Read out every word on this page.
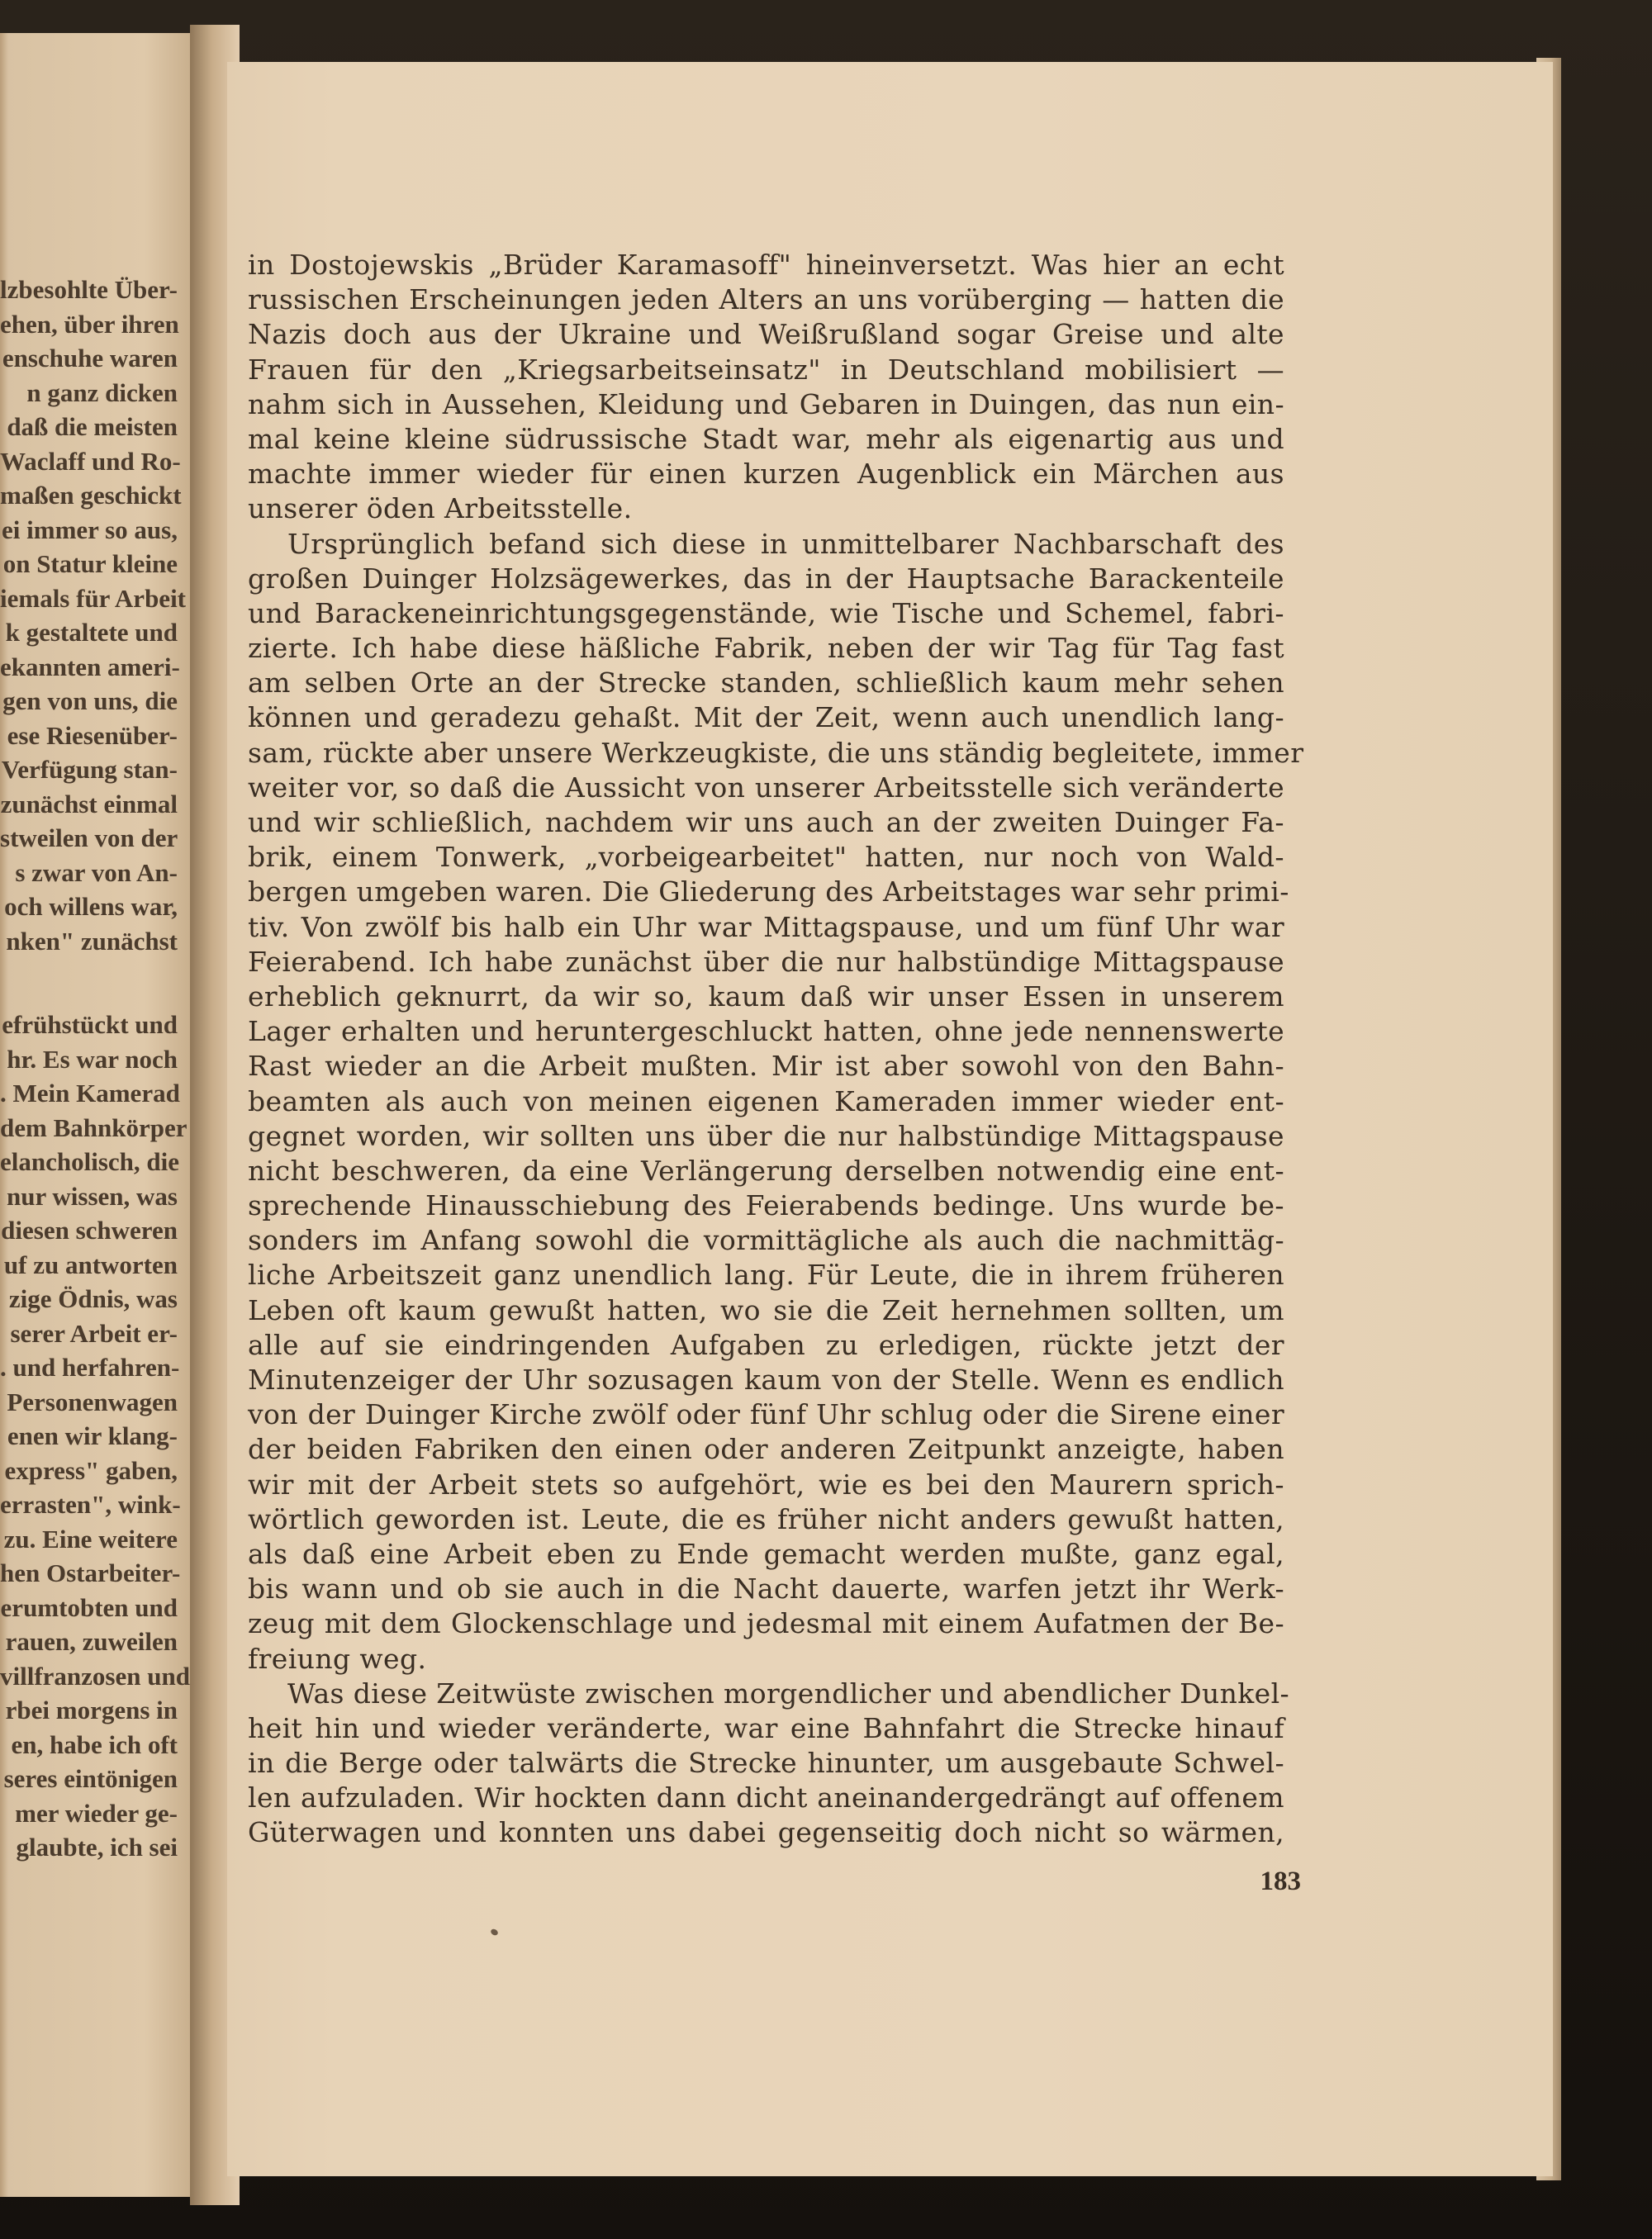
lzbesohlte Über-
ehen, über ihren
enschuhe waren
n ganz dicken
daß die meisten
Waclaff und Ro-
maßen geschickt
ei immer so aus,
on Statur kleine
iemals für Arbeit
k gestaltete und
ekannten ameri-
gen von uns, die
ese Riesenüber-
Verfügung stan-
zunächst einmal
stweilen von der
s zwar von An-
och willens war,
nken" zunächst
efrühstückt und
hr. Es war noch
. Mein Kamerad
dem Bahnkörper
elancholisch, die
nur wissen, was
diesen schweren
uf zu antworten
zige Ödnis, was
serer Arbeit er-
. und herfahren-
Personenwagen
enen wir klang-
express" gaben,
errasten", wink-
zu. Eine weitere
hen Ostarbeiter-
erumtobten und
rauen, zuweilen
villfranzosen und
rbei morgens in
en, habe ich oft
seres eintönigen
mer wieder ge-
glaubte, ich sei
in Dostojewskis „Brüder Karamasoff" hineinversetzt. Was hier an echt
russischen Erscheinungen jeden Alters an uns vorüberging — hatten die
Nazis doch aus der Ukraine und Weißrußland sogar Greise und alte
Frauen für den „Kriegsarbeitseinsatz" in Deutschland mobilisiert —
nahm sich in Aussehen, Kleidung und Gebaren in Duingen, das nun ein-
mal keine kleine südrussische Stadt war, mehr als eigenartig aus und
machte immer wieder für einen kurzen Augenblick ein Märchen aus
unserer öden Arbeitsstelle.
Ursprünglich befand sich diese in unmittelbarer Nachbarschaft des
großen Duinger Holzsägewerkes, das in der Hauptsache Barackenteile
und Barackeneinrichtungsgegenstände, wie Tische und Schemel, fabri-
zierte. Ich habe diese häßliche Fabrik, neben der wir Tag für Tag fast
am selben Orte an der Strecke standen, schließlich kaum mehr sehen
können und geradezu gehaßt. Mit der Zeit, wenn auch unendlich lang-
sam, rückte aber unsere Werkzeugkiste, die uns ständig begleitete, immer
weiter vor, so daß die Aussicht von unserer Arbeitsstelle sich veränderte
und wir schließlich, nachdem wir uns auch an der zweiten Duinger Fa-
brik, einem Tonwerk, „vorbeigearbeitet" hatten, nur noch von Wald-
bergen umgeben waren. Die Gliederung des Arbeitstages war sehr primi-
tiv. Von zwölf bis halb ein Uhr war Mittagspause, und um fünf Uhr war
Feierabend. Ich habe zunächst über die nur halbstündige Mittagspause
erheblich geknurrt, da wir so, kaum daß wir unser Essen in unserem
Lager erhalten und heruntergeschluckt hatten, ohne jede nennenswerte
Rast wieder an die Arbeit mußten. Mir ist aber sowohl von den Bahn-
beamten als auch von meinen eigenen Kameraden immer wieder ent-
gegnet worden, wir sollten uns über die nur halbstündige Mittagspause
nicht beschweren, da eine Verlängerung derselben notwendig eine ent-
sprechende Hinausschiebung des Feierabends bedinge. Uns wurde be-
sonders im Anfang sowohl die vormittägliche als auch die nachmittäg-
liche Arbeitszeit ganz unendlich lang. Für Leute, die in ihrem früheren
Leben oft kaum gewußt hatten, wo sie die Zeit hernehmen sollten, um
alle auf sie eindringenden Aufgaben zu erledigen, rückte jetzt der
Minutenzeiger der Uhr sozusagen kaum von der Stelle. Wenn es endlich
von der Duinger Kirche zwölf oder fünf Uhr schlug oder die Sirene einer
der beiden Fabriken den einen oder anderen Zeitpunkt anzeigte, haben
wir mit der Arbeit stets so aufgehört, wie es bei den Maurern sprich-
wörtlich geworden ist. Leute, die es früher nicht anders gewußt hatten,
als daß eine Arbeit eben zu Ende gemacht werden mußte, ganz egal,
bis wann und ob sie auch in die Nacht dauerte, warfen jetzt ihr Werk-
zeug mit dem Glockenschlage und jedesmal mit einem Aufatmen der Be-
freiung weg.
Was diese Zeitwüste zwischen morgendlicher und abendlicher Dunkel-
heit hin und wieder veränderte, war eine Bahnfahrt die Strecke hinauf
in die Berge oder talwärts die Strecke hinunter, um ausgebaute Schwel-
len aufzuladen. Wir hockten dann dicht aneinandergedrängt auf offenem
Güterwagen und konnten uns dabei gegenseitig doch nicht so wärmen,
183
